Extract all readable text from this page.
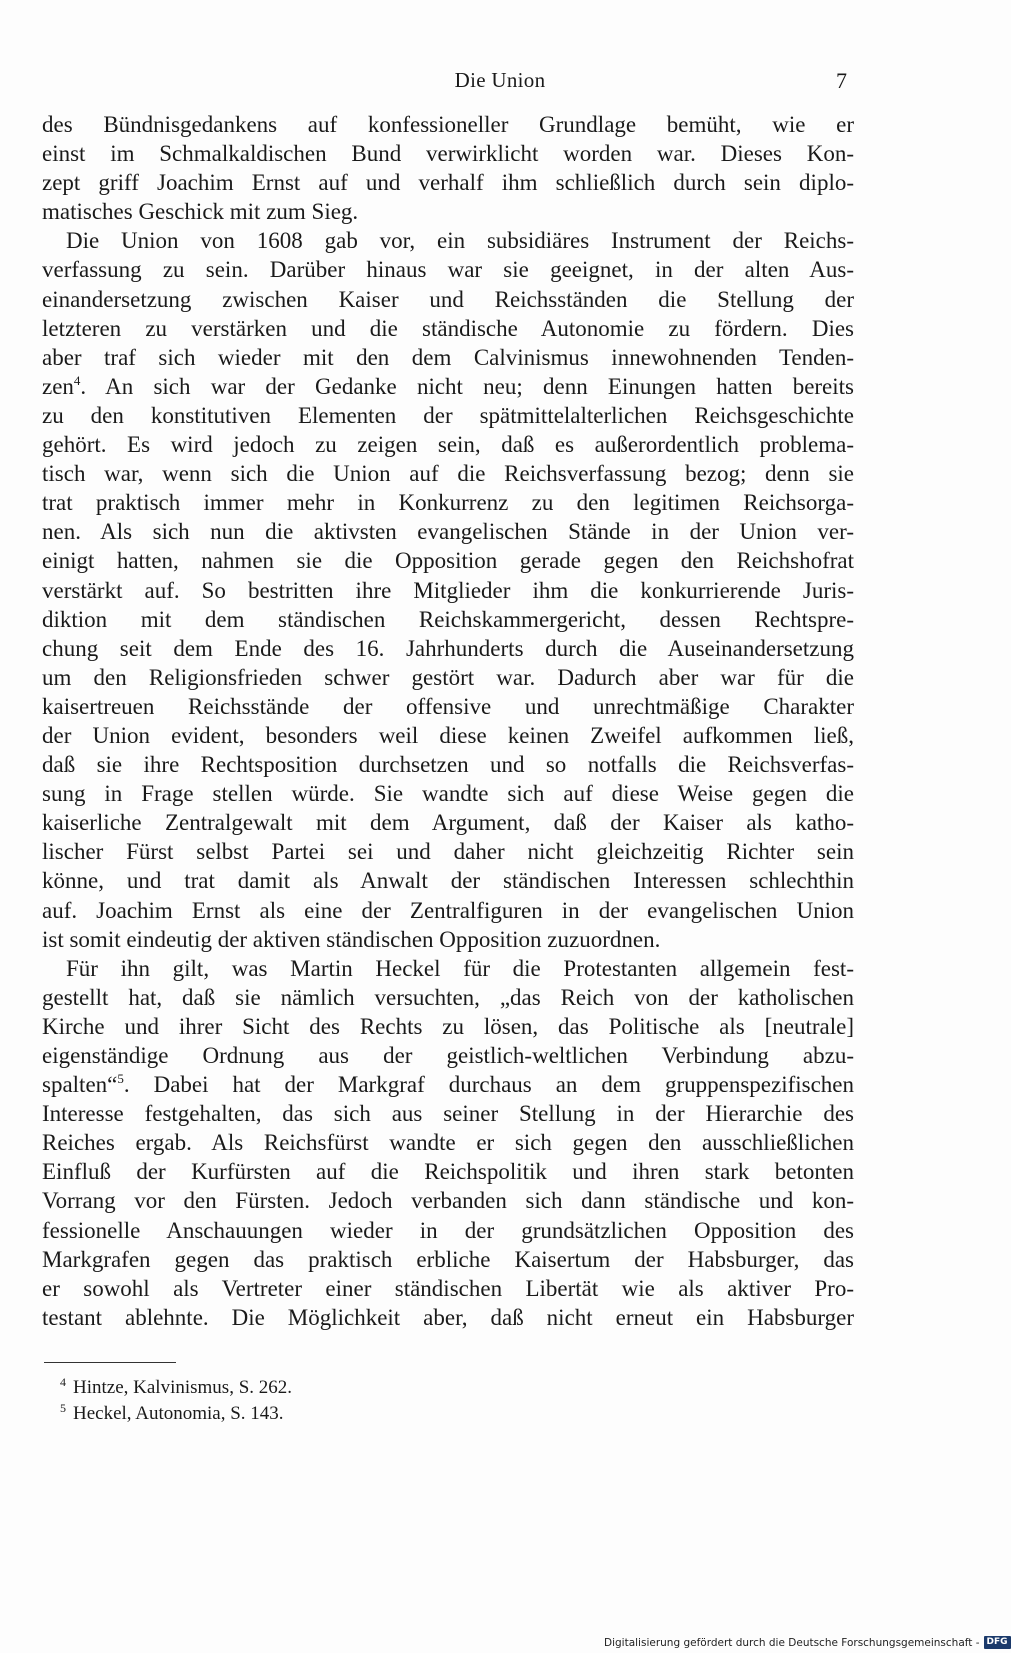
Die Union	7
des Bündnisgedankens auf konfessioneller Grundlage bemüht, wie er
einst im Schmalkaldischen Bund verwirklicht worden war. Dieses Kon-
zept griff Joachim Ernst auf und verhalf ihm schließlich durch sein diplo-
matisches Geschick mit zum Sieg.
Die Union von 1608 gab vor, ein subsidiäres Instrument der Reichs-
verfassung zu sein. Darüber hinaus war sie geeignet, in der alten Aus-
einandersetzung zwischen Kaiser und Reichsständen die Stellung der
letzteren zu verstärken und die ständische Autonomie zu fördern. Dies
aber traf sich wieder mit den dem Calvinismus innewohnenden Tenden-
zen$^4$. An sich war der Gedanke nicht neu; denn Einungen hatten bereits
zu den konstitutiven Elementen der spätmittelalterlichen Reichsgeschichte
gehört. Es wird jedoch zu zeigen sein, daß es außerordentlich problema-
tisch war, wenn sich die Union auf die Reichsverfassung bezog; denn sie
trat praktisch immer mehr in Konkurrenz zu den legitimen Reichsorga-
nen. Als sich nun die aktivsten evangelischen Stände in der Union ver-
einigt hatten, nahmen sie die Opposition gerade gegen den Reichshofrat
verstärkt auf. So bestritten ihre Mitglieder ihm die konkurrierende Juris-
diktion mit dem ständischen Reichskammergericht, dessen Rechtspre-
chung seit dem Ende des 16. Jahrhunderts durch die Auseinandersetzung
um den Religionsfrieden schwer gestört war. Dadurch aber war für die
kaisertreuen Reichsstände der offensive und unrechtmäßige Charakter
der Union evident, besonders weil diese keinen Zweifel aufkommen ließ,
daß sie ihre Rechtsposition durchsetzen und so notfalls die Reichsverfas-
sung in Frage stellen würde. Sie wandte sich auf diese Weise gegen die
kaiserliche Zentralgewalt mit dem Argument, daß der Kaiser als katho-
lischer Fürst selbst Partei sei und daher nicht gleichzeitig Richter sein
könne, und trat damit als Anwalt der ständischen Interessen schlechthin
auf. Joachim Ernst als eine der Zentralfiguren in der evangelischen Union
ist somit eindeutig der aktiven ständischen Opposition zuzuordnen.
Für ihn gilt, was Martin Heckel für die Protestanten allgemein fest-
gestellt hat, daß sie nämlich versuchten, „das Reich von der katholischen
Kirche und ihrer Sicht des Rechts zu lösen, das Politische als [neutrale]
eigenständige Ordnung aus der geistlich-weltlichen Verbindung abzu-
spalten“$^5$. Dabei hat der Markgraf durchaus an dem gruppenspezifischen
Interesse festgehalten, das sich aus seiner Stellung in der Hierarchie des
Reiches ergab. Als Reichsfürst wandte er sich gegen den ausschließlichen
Einfluß der Kurfürsten auf die Reichspolitik und ihren stark betonten
Vorrang vor den Fürsten. Jedoch verbanden sich dann ständische und kon-
fessionelle Anschauungen wieder in der grundsätzlichen Opposition des
Markgrafen gegen das praktisch erbliche Kaisertum der Habsburger, das
er sowohl als Vertreter einer ständischen Libertät wie als aktiver Pro-
testant ablehnte. Die Möglichkeit aber, daß nicht erneut ein Habsburger
$^4$ Hintze, Kalvinismus, S. 262.
$^5$ Heckel, Autonomia, S. 143.
Digitalisierung gefördert durch die Deutsche Forschungsgemeinschaft - DFG
